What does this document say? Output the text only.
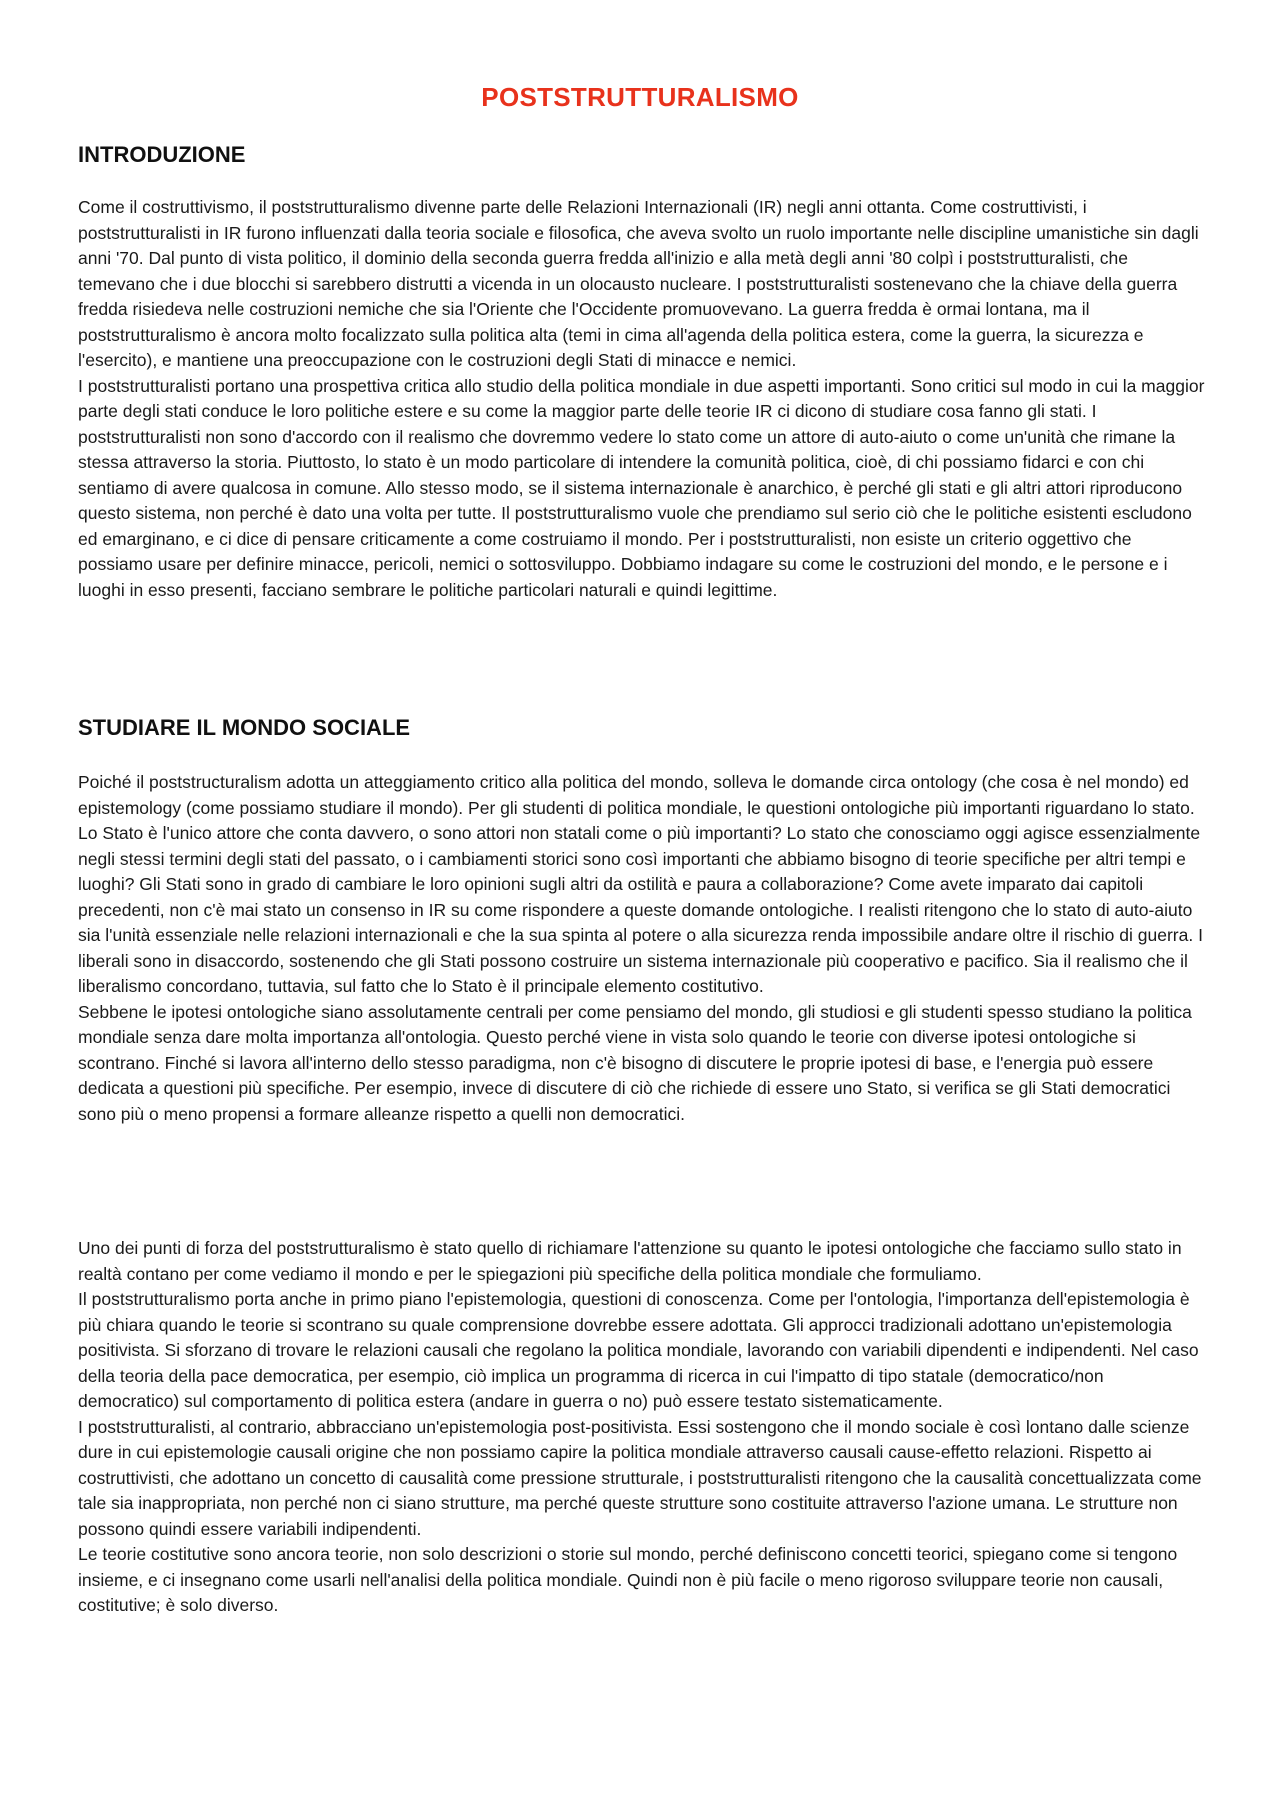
POSTSTRUTTURALISMO
INTRODUZIONE

Come il costruttivismo, il poststrutturalismo divenne parte delle Relazioni Internazionali (IR) negli anni ottanta. Come costruttivisti, i poststrutturalisti in IR furono influenzati dalla teoria sociale e filosofica, che aveva svolto un ruolo importante nelle discipline umanistiche sin dagli anni '70. Dal punto di vista politico, il dominio della seconda guerra fredda all'inizio e alla metà degli anni '80 colpì i poststrutturalisti, che temevano che i due blocchi si sarebbero distrutti a vicenda in un olocausto nucleare. I poststrutturalisti sostenevano che la chiave della guerra fredda risiedeva nelle costruzioni nemiche che sia l'Oriente che l'Occidente promuovevano. La guerra fredda è ormai lontana, ma il poststrutturalismo è ancora molto focalizzato sulla politica alta (temi in cima all'agenda della politica estera, come la guerra, la sicurezza e l'esercito), e mantiene una preoccupazione con le costruzioni degli Stati di minacce e nemici.

I poststrutturalisti portano una prospettiva critica allo studio della politica mondiale in due aspetti importanti. Sono critici sul modo in cui la maggior parte degli stati conduce le loro politiche estere e su come la maggior parte delle teorie IR ci dicono di studiare cosa fanno gli stati. I poststrutturalisti non sono d'accordo con il realismo che dovremmo vedere lo stato come un attore di auto-aiuto o come un'unità che rimane la stessa attraverso la storia. Piuttosto, lo stato è un modo particolare di intendere la comunità politica, cioè, di chi possiamo fidarci e con chi sentiamo di avere qualcosa in comune. Allo stesso modo, se il sistema internazionale è anarchico, è perché gli stati e gli altri attori riproducono questo sistema, non perché è dato una volta per tutte. Il poststrutturalismo vuole che prendiamo sul serio ciò che le politiche esistenti escludono ed emarginano, e ci dice di pensare criticamente a come costruiamo il mondo. Per i poststrutturalisti, non esiste un criterio oggettivo che possiamo usare per definire minacce, pericoli, nemici o sottosviluppo. Dobbiamo indagare su come le costruzioni del mondo, e le persone e i luoghi in esso presenti, facciano sembrare le politiche particolari naturali e quindi legittime.

STUDIARE IL MONDO SOCIALE

Poiché il poststructuralism adotta un atteggiamento critico alla politica del mondo, solleva le domande circa ontology (che cosa è nel mondo) ed epistemology (come possiamo studiare il mondo). Per gli studenti di politica mondiale, le questioni ontologiche più importanti riguardano lo stato. Lo Stato è l'unico attore che conta davvero, o sono attori non statali come o più importanti? Lo stato che conosciamo oggi agisce essenzialmente negli stessi termini degli stati del passato, o i cambiamenti storici sono così importanti che abbiamo bisogno di teorie specifiche per altri tempi e luoghi? Gli Stati sono in grado di cambiare le loro opinioni sugli altri da ostilità e paura a collaborazione? Come avete imparato dai capitoli precedenti, non c'è mai stato un consenso in IR su come rispondere a queste domande ontologiche. I realisti ritengono che lo stato di auto-aiuto sia l'unità essenziale nelle relazioni internazionali e che la sua spinta al potere o alla sicurezza renda impossibile andare oltre il rischio di guerra. I liberali sono in disaccordo, sostenendo che gli Stati possono costruire un sistema internazionale più cooperativo e pacifico. Sia il realismo che il liberalismo concordano, tuttavia, sul fatto che lo Stato è il principale elemento costitutivo.

Sebbene le ipotesi ontologiche siano assolutamente centrali per come pensiamo del mondo, gli studiosi e gli studenti spesso studiano la politica mondiale senza dare molta importanza all'ontologia. Questo perché viene in vista solo quando le teorie con diverse ipotesi ontologiche si scontrano. Finché si lavora all'interno dello stesso paradigma, non c'è bisogno di discutere le proprie ipotesi di base, e l'energia può essere dedicata a questioni più specifiche. Per esempio, invece di discutere di ciò che richiede di essere uno Stato, si verifica se gli Stati democratici sono più o meno propensi a formare alleanze rispetto a quelli non democratici.

Uno dei punti di forza del poststrutturalismo è stato quello di richiamare l'attenzione su quanto le ipotesi ontologiche che facciamo sullo stato in realtà contano per come vediamo il mondo e per le spiegazioni più specifiche della politica mondiale che formuliamo.

Il poststrutturalismo porta anche in primo piano l'epistemologia, questioni di conoscenza. Come per l'ontologia, l'importanza dell'epistemologia è più chiara quando le teorie si scontrano su quale comprensione dovrebbe essere adottata. Gli approcci tradizionali adottano un'epistemologia positivista. Si sforzano di trovare le relazioni causali che regolano la politica mondiale, lavorando con variabili dipendenti e indipendenti. Nel caso della teoria della pace democratica, per esempio, ciò implica un programma di ricerca in cui l'impatto di tipo statale (democratico/non democratico) sul comportamento di politica estera (andare in guerra o no) può essere testato sistematicamente.

I poststrutturalisti, al contrario, abbracciano un'epistemologia post-positivista. Essi sostengono che il mondo sociale è così lontano dalle scienze dure in cui epistemologie causali origine che non possiamo capire la politica mondiale attraverso causali cause-effetto relazioni. Rispetto ai costruttivisti, che adottano un concetto di causalità come pressione strutturale, i poststrutturalisti ritengono che la causalità concettualizzata come tale sia inappropriata, non perché non ci siano strutture, ma perché queste strutture sono costituite attraverso l'azione umana. Le strutture non possono quindi essere variabili indipendenti.

Le teorie costitutive sono ancora teorie, non solo descrizioni o storie sul mondo, perché definiscono concetti teorici, spiegano come si tengono insieme, e ci insegnano come usarli nell'analisi della politica mondiale. Quindi non è più facile o meno rigoroso sviluppare teorie non causali, costitutive; è solo diverso.
